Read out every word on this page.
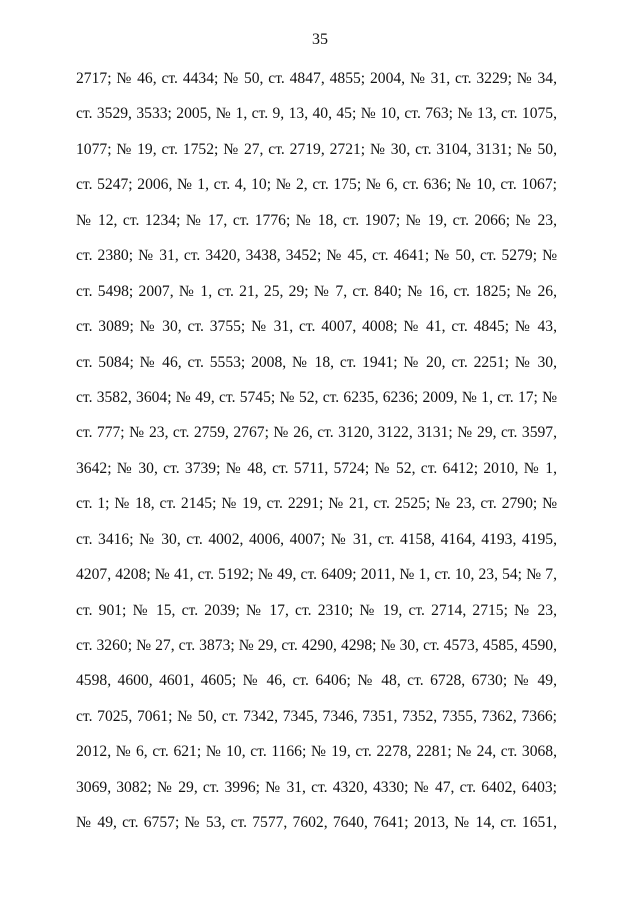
35
2717; № 46, ст. 4434; № 50, ст. 4847, 4855; 2004, № 31, ст. 3229; № 34,
ст. 3529, 3533; 2005, № 1, ст. 9, 13, 40, 45; № 10, ст. 763; № 13, ст. 1075,
1077; № 19, ст. 1752; № 27, ст. 2719, 2721; № 30, ст. 3104, 3131; № 50,
ст. 5247; 2006, № 1, ст. 4, 10; № 2, ст. 175; № 6, ст. 636; № 10, ст. 1067;
№ 12, ст. 1234; № 17, ст. 1776; № 18, ст. 1907; № 19, ст. 2066; № 23,
ст. 2380; № 31, ст. 3420, 3438, 3452; № 45, ст. 4641; № 50, ст. 5279; №
ст. 5498; 2007, № 1, ст. 21, 25, 29; № 7, ст. 840; № 16, ст. 1825; № 26,
ст. 3089; № 30, ст. 3755; № 31, ст. 4007, 4008; № 41, ст. 4845; № 43,
ст. 5084; № 46, ст. 5553; 2008, № 18, ст. 1941; № 20, ст. 2251; № 30,
ст. 3582, 3604; № 49, ст. 5745; № 52, ст. 6235, 6236; 2009, № 1, ст. 17; №
ст. 777; № 23, ст. 2759, 2767; № 26, ст. 3120, 3122, 3131; № 29, ст. 3597,
3642; № 30, ст. 3739; № 48, ст. 5711, 5724; № 52, ст. 6412; 2010, № 1,
ст. 1; № 18, ст. 2145; № 19, ст. 2291; № 21, ст. 2525; № 23, ст. 2790; №
ст. 3416; № 30, ст. 4002, 4006, 4007; № 31, ст. 4158, 4164, 4193, 4195,
4207, 4208; № 41, ст. 5192; № 49, ст. 6409; 2011, № 1, ст. 10, 23, 54; № 7,
ст. 901; № 15, ст. 2039; № 17, ст. 2310; № 19, ст. 2714, 2715; № 23,
ст. 3260; № 27, ст. 3873; № 29, ст. 4290, 4298; № 30, ст. 4573, 4585, 4590,
4598, 4600, 4601, 4605; № 46, ст. 6406; № 48, ст. 6728, 6730; № 49,
ст. 7025, 7061; № 50, ст. 7342, 7345, 7346, 7351, 7352, 7355, 7362, 7366;
2012, № 6, ст. 621; № 10, ст. 1166; № 19, ст. 2278, 2281; № 24, ст. 3068,
3069, 3082; № 29, ст. 3996; № 31, ст. 4320, 4330; № 47, ст. 6402, 6403;
№ 49, ст. 6757; № 53, ст. 7577, 7602, 7640, 7641; 2013, № 14, ст. 1651,
